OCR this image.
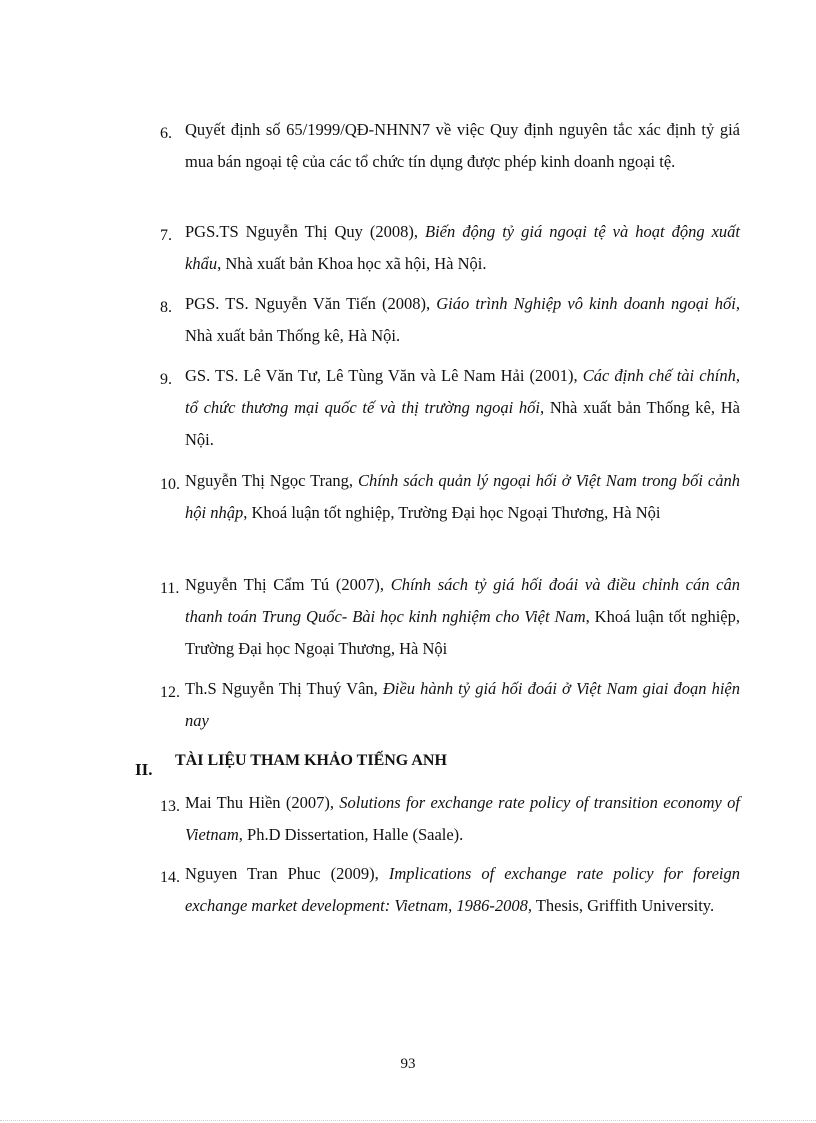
6. Quyết định số 65/1999/QĐ-NHNN7 về việc Quy định nguyên tắc xác định tỷ giá mua bán ngoại tệ của các tổ chức tín dụng được phép kinh doanh ngoại tệ.
7. PGS.TS Nguyễn Thị Quy (2008), Biến động tỷ giá ngoại tệ và hoạt động xuất khẩu, Nhà xuất bản Khoa học xã hội, Hà Nội.
8. PGS. TS. Nguyễn Văn Tiến (2008), Giáo trình Nghiệp vô kinh doanh ngoại hối, Nhà xuất bản Thống kê, Hà Nội.
9. GS. TS. Lê Văn Tư, Lê Tùng Văn và Lê Nam Hải (2001), Các định chế tài chính, tổ chức thương mại quốc tế và thị trường ngoại hối, Nhà xuất bản Thống kê, Hà Nội.
10. Nguyễn Thị Ngọc Trang, Chính sách quản lý ngoại hối ở Việt Nam trong bối cảnh hội nhập, Khoá luận tốt nghiệp, Trường Đại học Ngoại Thương, Hà Nội
11. Nguyễn Thị Cẩm Tú (2007), Chính sách tỷ giá hối đoái và điều chỉnh cán cân thanh toán Trung Quốc- Bài học kinh nghiệm cho Việt Nam, Khoá luận tốt nghiệp, Trường Đại học Ngoại Thương, Hà Nội
12. Th.S Nguyễn Thị Thuý Vân, Điều hành tỷ giá hối đoái ở Việt Nam giai đoạn hiện nay
II. TÀI LIỆU THAM KHẢO TIẾNG ANH
13. Mai Thu Hiền (2007), Solutions for exchange rate policy of transition economy of Vietnam, Ph.D Dissertation, Halle (Saale).
14. Nguyen Tran Phuc (2009), Implications of exchange rate policy for foreign exchange market development: Vietnam, 1986-2008, Thesis, Griffith University.
93
